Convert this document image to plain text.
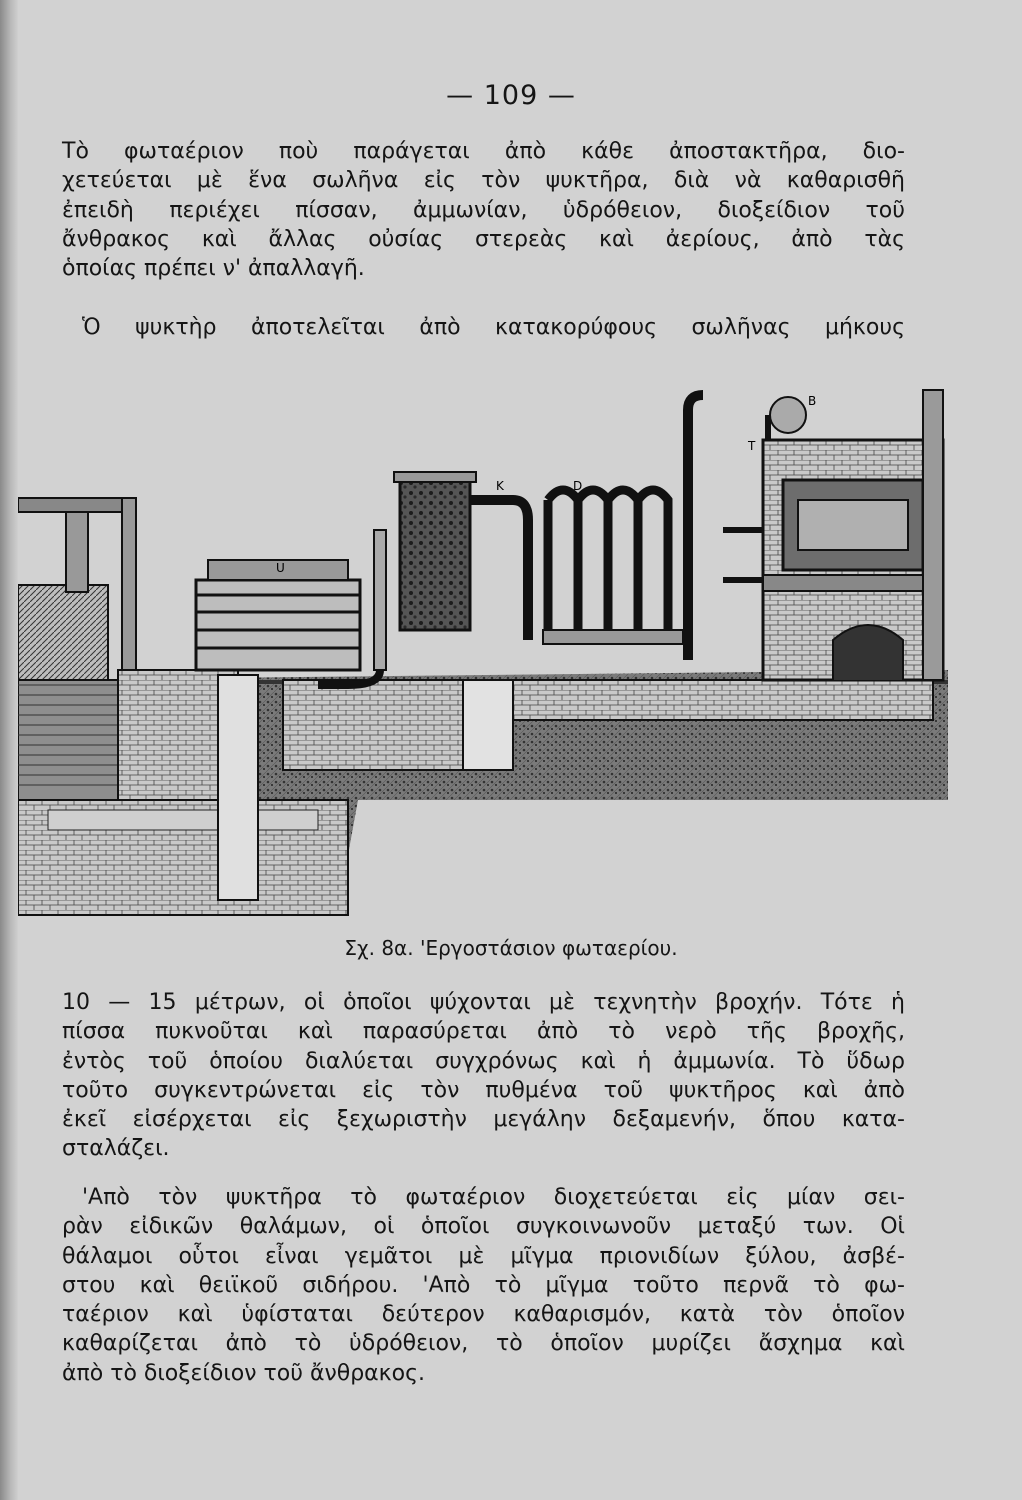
— 109 —

Τὸ φωταέριον ποὺ παράγεται ἀπὸ κάθε ἀποστακτῆρα, διο-
χετεύεται μὲ ἕνα σωλῆνα εἰς τὸν ψυκτῆρα, διὰ νὰ καθαρισθῆ
ἐπειδὴ περιέχει πίσσαν, ἀμμωνίαν, ὑδρόθειον, διοξείδιον τοῦ
ἄνθρακος καὶ ἄλλας οὐσίας στερεὰς καὶ ἀερίους, ἀπὸ τὰς
ὁποίας πρέπει ν' ἀπαλλαγῆ.

Ὁ ψυκτὴρ ἀποτελεῖται ἀπὸ κατακορύφους σωλῆνας μήκους

U
D
K
B
T
Σχ. 8α. 'Εργοστάσιον φωταερίου.

10 — 15 μέτρων, οἱ ὁποῖοι ψύχονται μὲ τεχνητὴν βροχήν. Τότε ἡ
πίσσα πυκνοῦται καὶ παρασύρεται ἀπὸ τὸ νερὸ τῆς βροχῆς,
ἐντὸς τοῦ ὁποίου διαλύεται συγχρόνως καὶ ἡ ἀμμωνία. Τὸ ὕδωρ
τοῦτο συγκεντρώνεται εἰς τὸν πυθμένα τοῦ ψυκτῆρος καὶ ἀπὸ
ἐκεῖ εἰσέρχεται εἰς ξεχωριστὴν μεγάλην δεξαμενήν, ὅπου κατα-
σταλάζει.

'Απὸ τὸν ψυκτῆρα τὸ φωταέριον διοχετεύεται εἰς μίαν σει-
ρὰν εἰδικῶν θαλάμων, οἱ ὁποῖοι συγκοινωνοῦν μεταξύ των. Οἱ
θάλαμοι οὗτοι εἶναι γεμᾶτοι μὲ μῖγμα πριονιδίων ξύλου, ἀσβέ-
στου καὶ θειϊκοῦ σιδήρου. 'Απὸ τὸ μῖγμα τοῦτο περνᾶ τὸ φω-
ταέριον καὶ ὑφίσταται δεύτερον καθαρισμόν, κατὰ τὸν ὁποῖον
καθαρίζεται ἀπὸ τὸ ὑδρόθειον, τὸ ὁποῖον μυρίζει ἄσχημα καὶ
ἀπὸ τὸ διοξείδιον τοῦ ἄνθρακος.
